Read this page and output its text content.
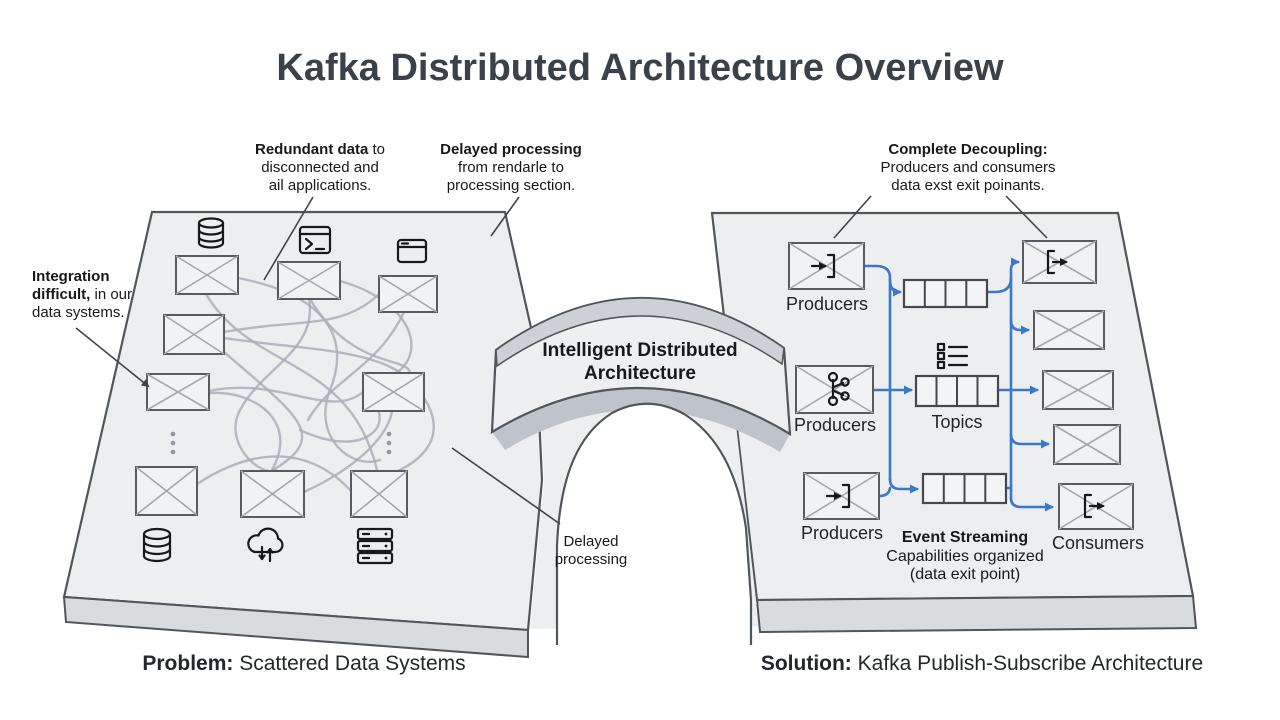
Kafka Distributed Architecture Overview
Intelligent Distributed
Architecture
Producers
Producers
Producers
Topics
Consumers
Integration
difficult, in our
data systems.
Redundant data to
disconnected and
ail applications.
Delayed processing
from rendarle to
processing section.
Complete Decoupling:
Producers and consumers
data exst exit poinants.
Delayed
processing
Event Streaming
Capabilities organized
(data exit point)
Problem: Scattered Data Systems	Solution: Kafka Publish-Subscribe Architecture
